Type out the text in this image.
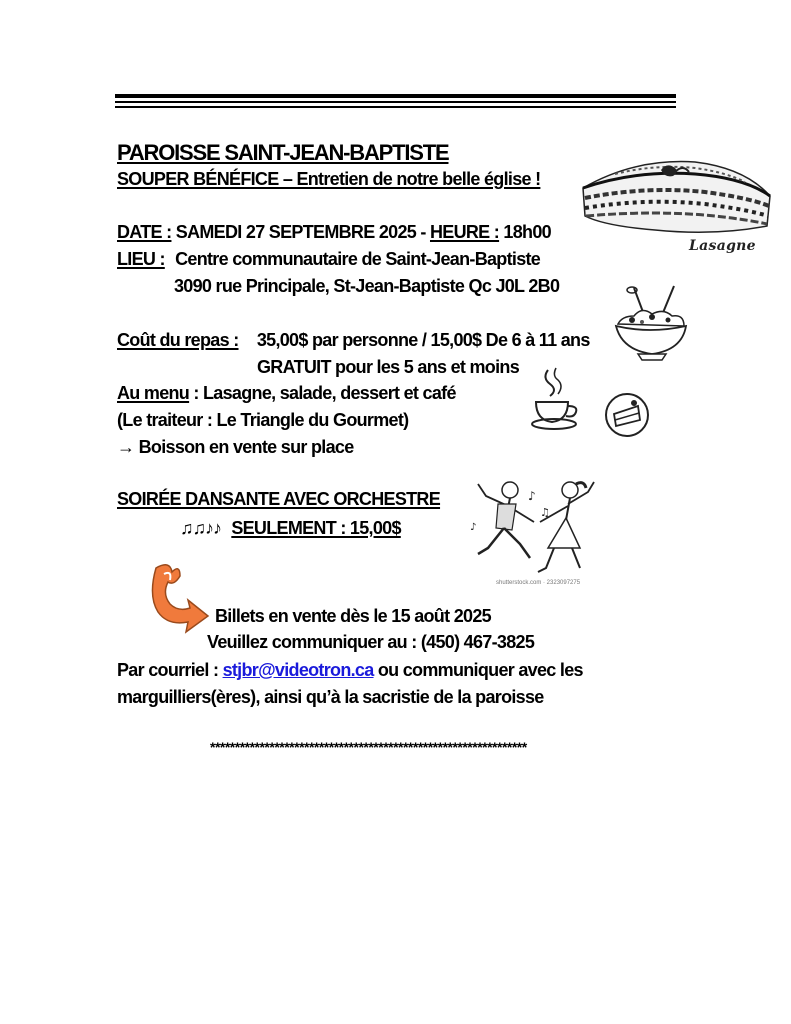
PAROISSE SAINT-JEAN-BAPTISTE
SOUPER BÉNÉFICE – Entretien de notre belle église !
DATE : SAMEDI 27 SEPTEMBRE 2025 - HEURE : 18h00
LIEU : Centre communautaire de Saint-Jean-Baptiste
3090 rue Principale, St-Jean-Baptiste Qc J0L 2B0
Coût du repas : 35,00$ par personne / 15,00$ De 6 à 11 ans
GRATUIT pour les 5 ans et moins
Au menu : Lasagne, salade, dessert et café
(Le traiteur : Le Triangle du Gourmet)
→ Boisson en vente sur place
SOIRÉE DANSANTE AVEC ORCHESTRE
♫♫♪♪ SEULEMENT : 15,00$
Billets en vente dès le 15 août 2025
Veuillez communiquer au : (450) 467-3825
Par courriel : stjbr@videotron.ca ou communiquer avec les
marguilliers(ères), ainsi qu’à la sacristie de la paroisse
****************************************************************
Lasagne
♪
♫
♪
shutterstock.com · 2323097275
